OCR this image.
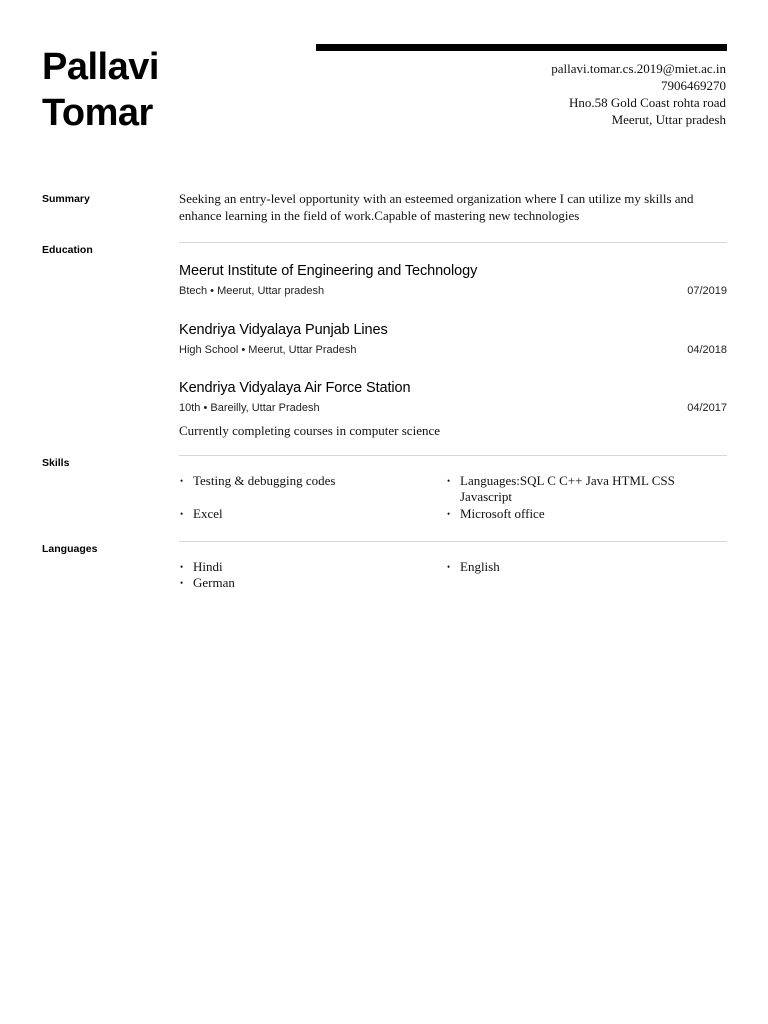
Pallavi
Tomar
pallavi.tomar.cs.2019@miet.ac.in
7906469270
Hno.58 Gold Coast rohta road
Meerut, Uttar pradesh
Summary	Seeking an entry-level opportunity with an esteemed organization where I can utilize my skills and enhance learning in the field of work.Capable of mastering new technologies
Education
Meerut Institute of Engineering and Technology
Btech • Meerut, Uttar pradesh	07/2019
Kendriya Vidyalaya Punjab Lines
High School • Meerut, Uttar Pradesh	04/2018
Kendriya Vidyalaya Air Force Station
10th • Bareilly, Uttar Pradesh	04/2017
Currently completing courses in computer science
Skills
• Testing & debugging codes
• Excel
• Languages:SQL C C++ Java HTML CSS Javascript
• Microsoft office
Languages
• Hindi
• German
• English
